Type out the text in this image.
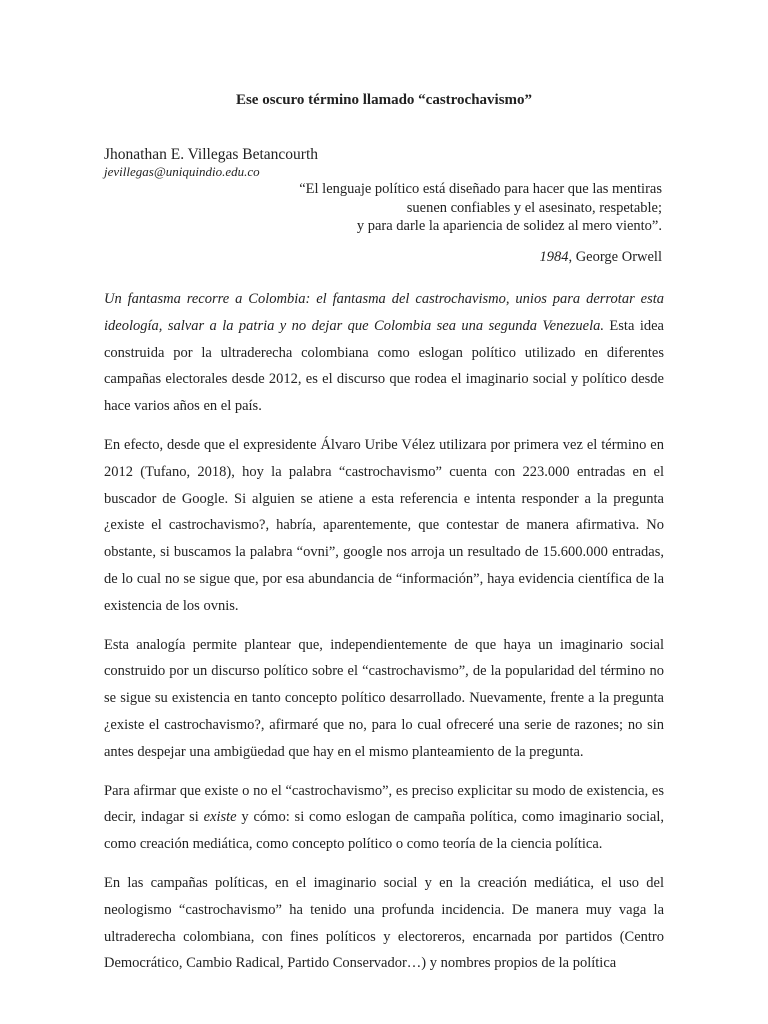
Ese oscuro término llamado “castrochavismo”
Jhonathan E. Villegas Betancourth
jevillegas@uniquindio.edu.co
“El lenguaje político está diseñado para hacer que las mentiras
suenen confiables y el asesinato, respetable;
y para darle la apariencia de solidez al mero viento”.
1984, George Orwell

Un fantasma recorre a Colombia: el fantasma del castrochavismo, unios para derrotar esta ideología, salvar a la patria y no dejar que Colombia sea una segunda Venezuela. Esta idea construida por la ultraderecha colombiana como eslogan político utilizado en diferentes campañas electorales desde 2012, es el discurso que rodea el imaginario social y político desde hace varios años en el país.

En efecto, desde que el expresidente Álvaro Uribe Vélez utilizara por primera vez el término en 2012 (Tufano, 2018), hoy la palabra “castrochavismo” cuenta con 223.000 entradas en el buscador de Google. Si alguien se atiene a esta referencia e intenta responder a la pregunta ¿existe el castrochavismo?, habría, aparentemente, que contestar de manera afirmativa. No obstante, si buscamos la palabra “ovni”, google nos arroja un resultado de 15.600.000 entradas, de lo cual no se sigue que, por esa abundancia de “información”, haya evidencia científica de la existencia de los ovnis.

Esta analogía permite plantear que, independientemente de que haya un imaginario social construido por un discurso político sobre el “castrochavismo”, de la popularidad del término no se sigue su existencia en tanto concepto político desarrollado. Nuevamente, frente a la pregunta ¿existe el castrochavismo?, afirmaré que no, para lo cual ofreceré una serie de razones; no sin antes despejar una ambigüedad que hay en el mismo planteamiento de la pregunta.

Para afirmar que existe o no el “castrochavismo”, es preciso explicitar su modo de existencia, es decir, indagar si existe y cómo: si como eslogan de campaña política, como imaginario social, como creación mediática, como concepto político o como teoría de la ciencia política.

En las campañas políticas, en el imaginario social y en la creación mediática, el uso del neologismo “castrochavismo” ha tenido una profunda incidencia. De manera muy vaga la ultraderecha colombiana, con fines políticos y electoreros, encarnada por partidos (Centro Democrático, Cambio Radical, Partido Conservador…) y nombres propios de la política
